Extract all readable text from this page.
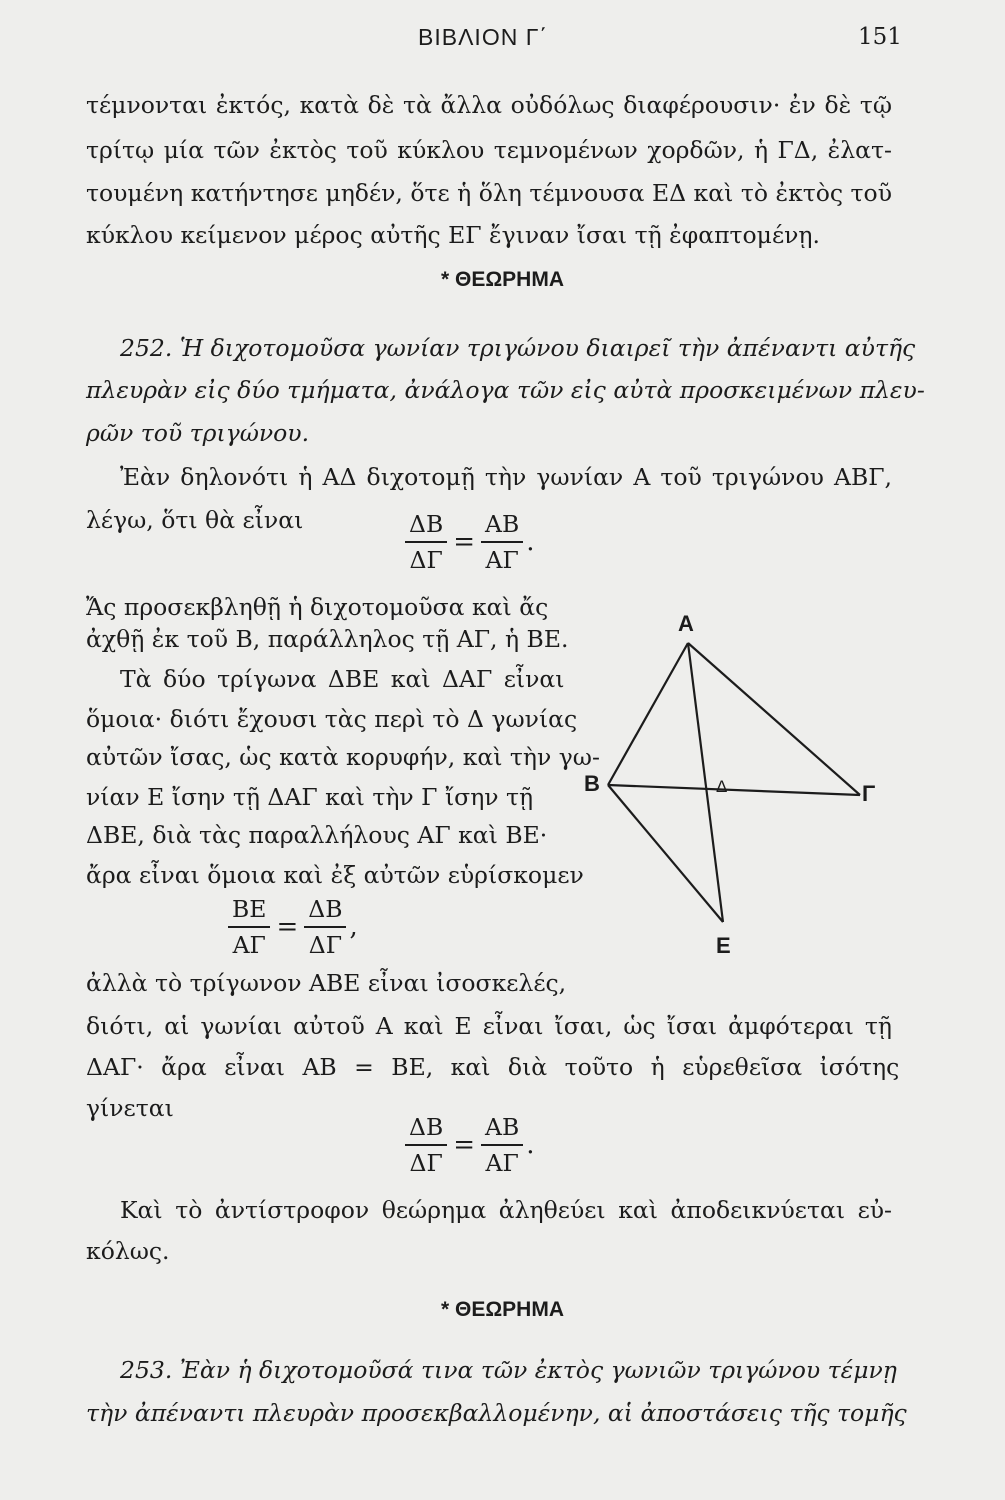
ΒΙΒΛΙΟΝ Γ΄	151
τέμνονται ἐκτός, κατὰ δὲ τὰ ἄλλα οὐδόλως διαφέρουσιν· ἐν δὲ τῷ
τρίτῳ μία τῶν ἐκτὸς τοῦ κύκλου τεμνομένων χορδῶν, ἡ ΓΔ, ἐλατ-
τουμένη κατήντησε μηδέν, ὅτε ἡ ὅλη τέμνουσα ΕΔ καὶ τὸ ἐκτὸς τοῦ
κύκλου κείμενον μέρος αὐτῆς ΕΓ ἔγιναν ἴσαι τῇ ἐφαπτομένῃ.
* ΘΕΩΡΗΜΑ
252. Ἡ διχοτομοῦσα γωνίαν τριγώνου διαιρεῖ τὴν ἀπέναντι αὐτῆς
πλευρὰν εἰς δύο τμήματα, ἀνάλογα τῶν εἰς αὐτὰ προσκειμένων πλευ-
ρῶν τοῦ τριγώνου.
Ἐὰν δηλονότι ἡ ΑΔ διχοτομῇ τὴν γωνίαν Α τοῦ τριγώνου ΑΒΓ,
λέγω, ὅτι θὰ εἶναι	$\frac{\Delta B}{\Delta\Gamma} = \frac{AB}{A\Gamma}$ .
Ἄς προσεκβληθῇ ἡ διχοτομοῦσα καὶ ἄς
ἀχθῇ ἐκ τοῦ Β, παράλληλος τῇ ΑΓ, ἡ ΒΕ.
Τὰ δύο τρίγωνα ΔΒΕ καὶ ΔΑΓ εἶναι
ὅμοια· διότι ἔχουσι τὰς περὶ τὸ Δ γωνίας
αὐτῶν ἴσας, ὡς κατὰ κορυφήν, καὶ τὴν γω-
νίαν Ε ἴσην τῇ ΔΑΓ καὶ τὴν Γ ἴσην τῇ
ΔΒΕ, διὰ τὰς παραλλήλους ΑΓ καὶ ΒΕ·
ἄρα εἶναι ὅμοια καὶ ἐξ αὐτῶν εὑρίσκομεν
$\frac{BE}{A\Gamma} = \frac{\Delta B}{\Delta\Gamma}$ ,
ἀλλὰ τὸ τρίγωνον ΑΒΕ εἶναι ἰσοσκελές,
διότι, αἱ γωνίαι αὐτοῦ Α καὶ Ε εἶναι ἴσαι, ὡς ἴσαι ἀμφότεραι τῇ
ΔΑΓ· ἄρα εἶναι ΑΒ = ΒΕ, καὶ διὰ τοῦτο ἡ εὑρεθεῖσα ἰσότης
γίνεται
$\frac{\Delta B}{\Delta\Gamma} = \frac{AB}{A\Gamma}$ .
Καὶ τὸ ἀντίστροφον θεώρημα ἀληθεύει καὶ ἀποδεικνύεται εὐ-
κόλως.
* ΘΕΩΡΗΜΑ
253. Ἐὰν ἡ διχοτομοῦσά τινα τῶν ἐκτὸς γωνιῶν τριγώνου τέμνῃ
τὴν ἀπέναντι πλευρὰν προσεκβαλλομένην, αἱ ἀποστάσεις τῆς τομῆς
Α
Β	Γ
Δ
Ε
